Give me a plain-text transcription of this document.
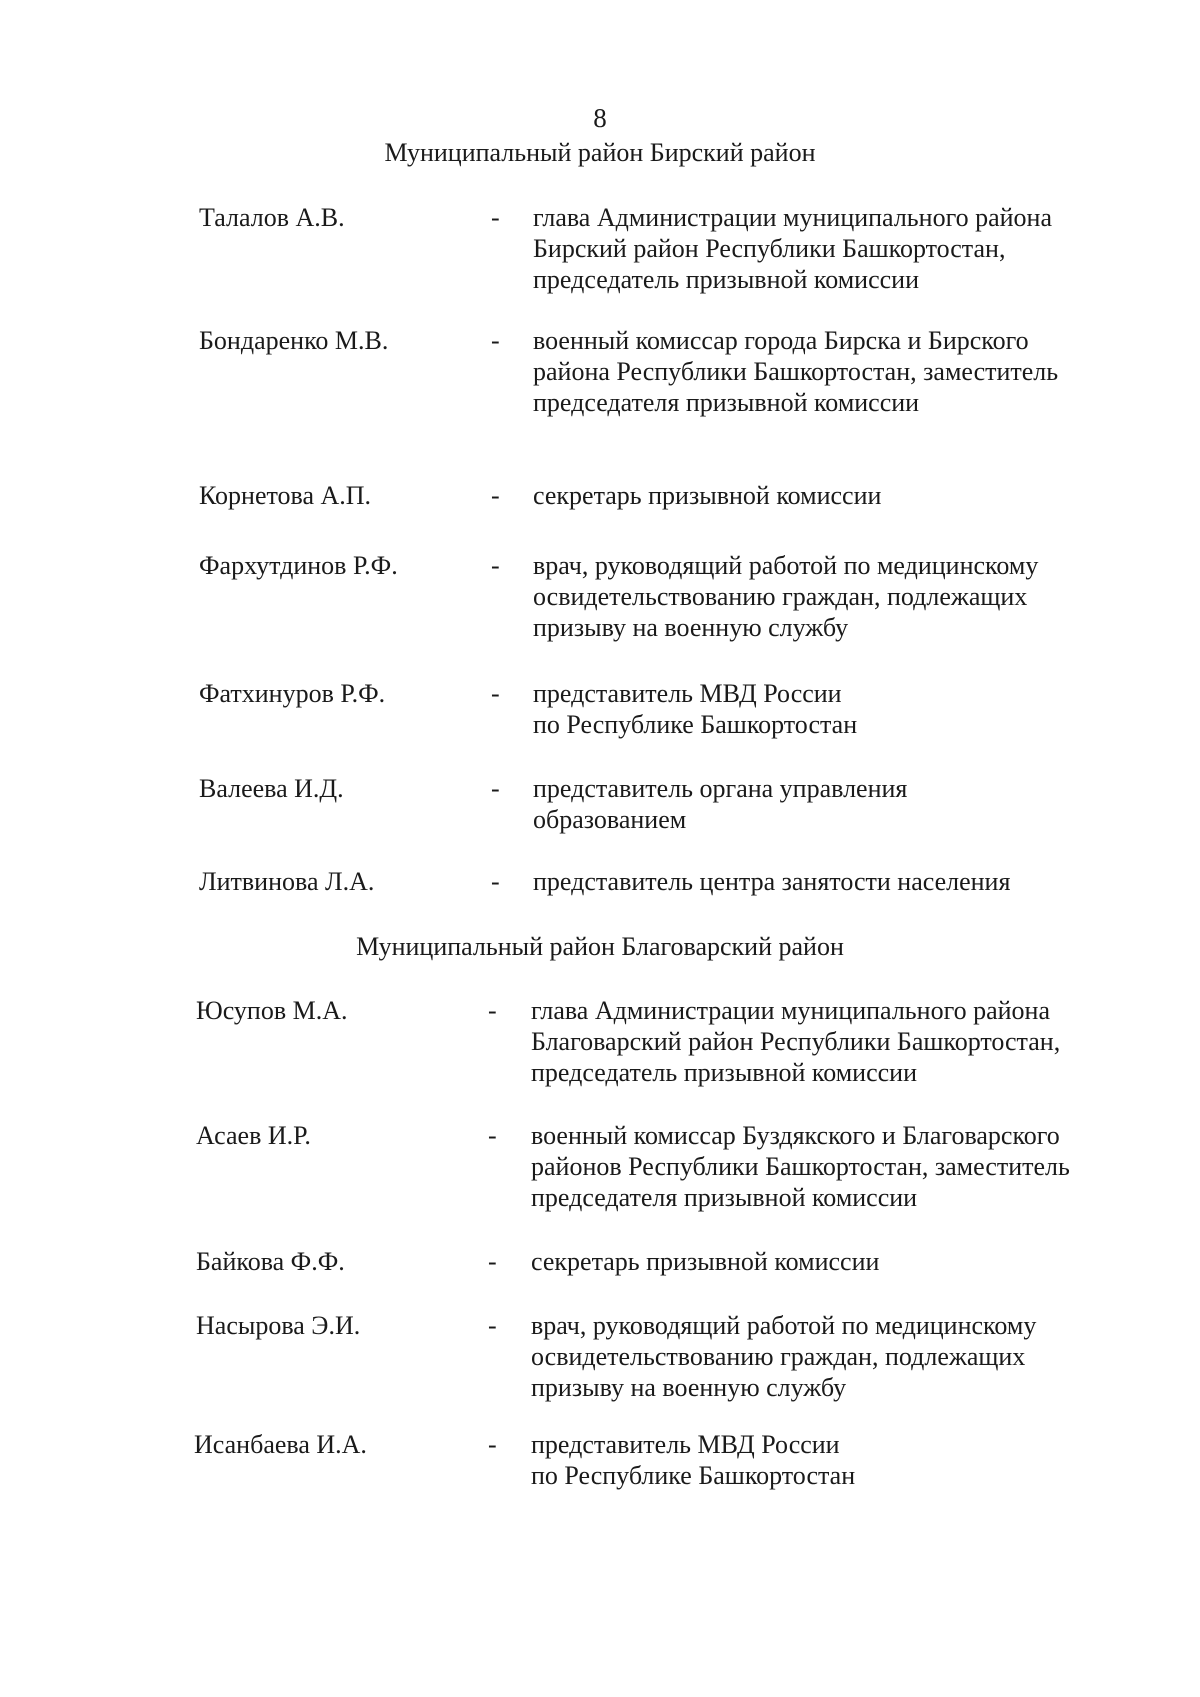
8
Муниципальный район Бирский район
Талалов А.В.	- глава Администрации муниципального района
Бирский район Республики Башкортостан,
председатель призывной комиссии
Бондаренко М.В.	- военный комиссар города Бирска и Бирского
района Республики Башкортостан, заместитель
председателя призывной комиссии
Корнетова А.П.	- секретарь призывной комиссии
Фархутдинов Р.Ф.	- врач, руководящий работой по медицинскому
освидетельствованию граждан, подлежащих
призыву на военную службу
Фатхинуров Р.Ф.	- представитель МВД России
по Республике Башкортостан
Валеева И.Д.	- представитель органа управления
образованием
Литвинова Л.А.	- представитель центра занятости населения
Муниципальный район Благоварский район
Юсупов М.А.	- глава Администрации муниципального района
Благоварский район Республики Башкортостан,
председатель призывной комиссии
Асаев И.Р.	- военный комиссар Буздякского и Благоварского
районов Республики Башкортостан, заместитель
председателя призывной комиссии
Байкова Ф.Ф.	- секретарь призывной комиссии
Насырова Э.И.	- врач, руководящий работой по медицинскому
освидетельствованию граждан, подлежащих
призыву на военную службу
Исанбаева И.А.	- представитель МВД России
по Республике Башкортостан
